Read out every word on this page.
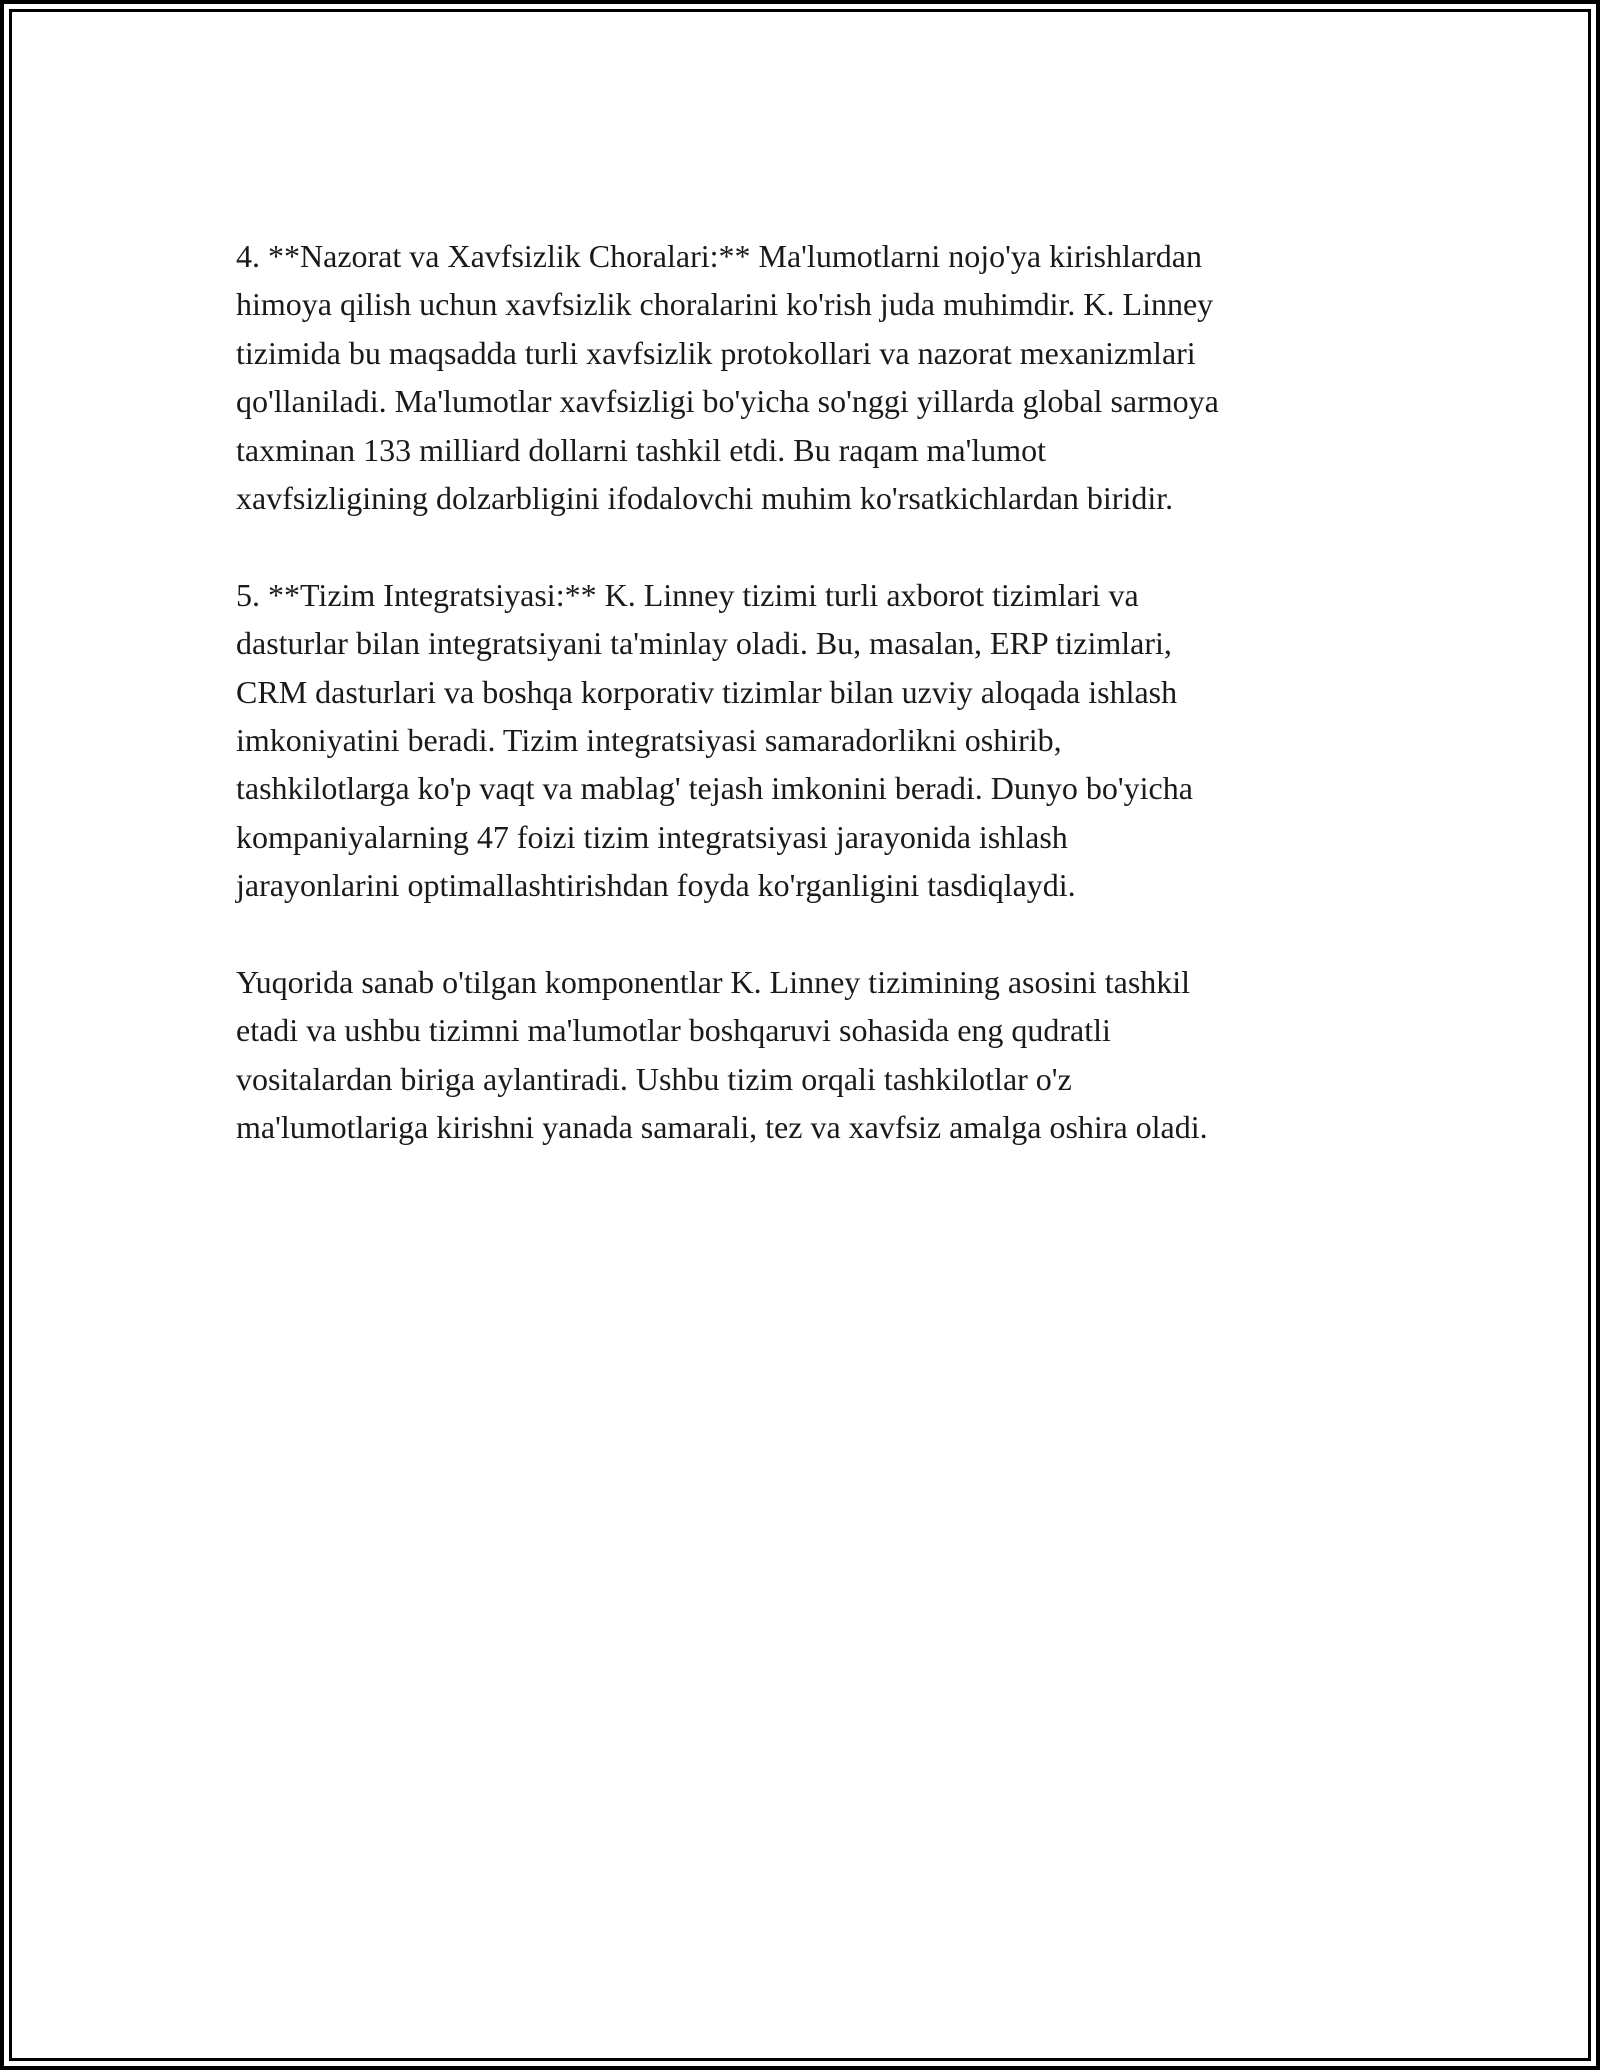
4. **Nazorat va Xavfsizlik Choralari:** Ma'lumotlarni nojo'ya kirishlardan
himoya qilish uchun xavfsizlik choralarini ko'rish juda muhimdir. K. Linney
tizimida bu maqsadda turli xavfsizlik protokollari va nazorat mexanizmlari
qo'llaniladi. Ma'lumotlar xavfsizligi bo'yicha so'nggi yillarda global sarmoya
taxminan 133 milliard dollarni tashkil etdi. Bu raqam ma'lumot
xavfsizligining dolzarbligini ifodalovchi muhim ko'rsatkichlardan biridir.

5. **Tizim Integratsiyasi:** K. Linney tizimi turli axborot tizimlari va
dasturlar bilan integratsiyani ta'minlay oladi. Bu, masalan, ERP tizimlari,
CRM dasturlari va boshqa korporativ tizimlar bilan uzviy aloqada ishlash
imkoniyatini beradi. Tizim integratsiyasi samaradorlikni oshirib,
tashkilotlarga ko'p vaqt va mablag' tejash imkonini beradi. Dunyo bo'yicha
kompaniyalarning 47 foizi tizim integratsiyasi jarayonida ishlash
jarayonlarini optimallashtirishdan foyda ko'rganligini tasdiqlaydi.

Yuqorida sanab o'tilgan komponentlar K. Linney tizimining asosini tashkil
etadi va ushbu tizimni ma'lumotlar boshqaruvi sohasida eng qudratli
vositalardan biriga aylantiradi. Ushbu tizim orqali tashkilotlar o'z
ma'lumotlariga kirishni yanada samarali, tez va xavfsiz amalga oshira oladi.
